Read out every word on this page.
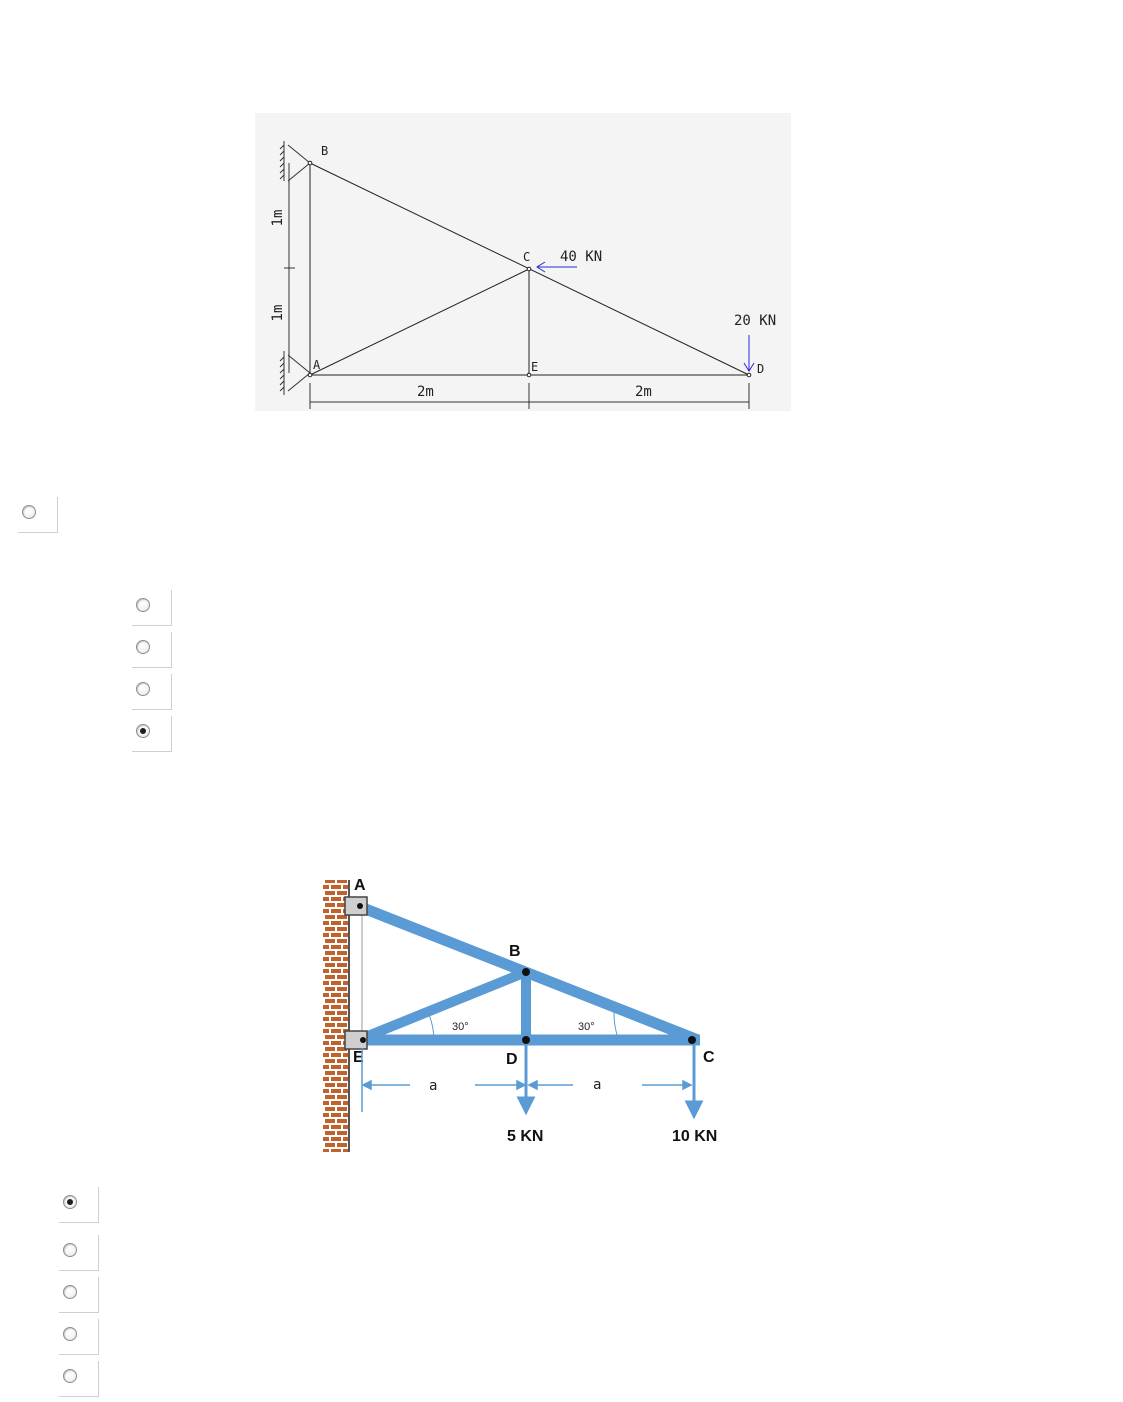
1m
1m
B
C
A	E	D
40 KN
20 KN
2m	2m
30°	30°
A
B
C
D
E
a	a
5 KN	10 KN
